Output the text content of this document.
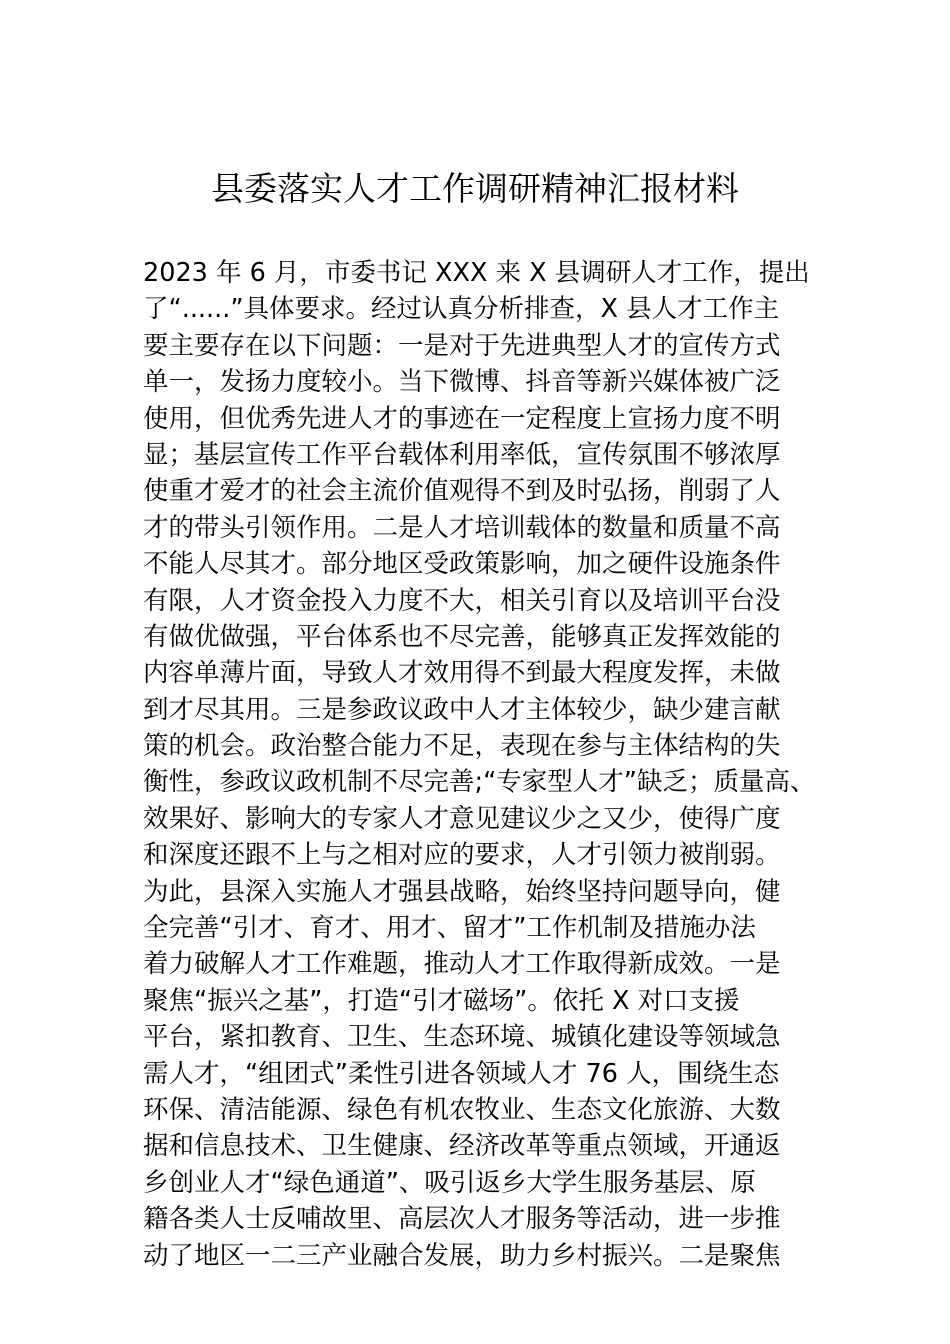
县委落实人才工作调研精神汇报材料
2023 年 6 月，市委书记 XXX 来 X 县调研人才工作，提出
了“......”具体要求。经过认真分析排查，X 县人才工作主
要主要存在以下问题：一是对于先进典型人才的宣传方式
单一，发扬力度较小。当下微博、抖音等新兴媒体被广泛
使用，但优秀先进人才的事迹在一定程度上宣扬力度不明
显；基层宣传工作平台载体利用率低，宣传氛围不够浓厚
使重才爱才的社会主流价值观得不到及时弘扬，削弱了人
才的带头引领作用。二是人才培训载体的数量和质量不高
不能人尽其才。部分地区受政策影响，加之硬件设施条件
有限，人才资金投入力度不大，相关引育以及培训平台没
有做优做强，平台体系也不尽完善，能够真正发挥效能的
内容单薄片面，导致人才效用得不到最大程度发挥，未做
到才尽其用。三是参政议政中人才主体较少，缺少建言献
策的机会。政治整合能力不足，表现在参与主体结构的失
衡性，参政议政机制不尽完善;“专家型人才”缺乏；质量高、
效果好、影响大的专家人才意见建议少之又少，使得广度
和深度还跟不上与之相对应的要求，人才引领力被削弱。
为此，县深入实施人才强县战略，始终坚持问题导向，健
全完善“引才、育才、用才、留才”工作机制及措施办法
着力破解人才工作难题，推动人才工作取得新成效。一是
聚焦“振兴之基”，打造“引才磁场”。依托 X 对口支援
平台，紧扣教育、卫生、生态环境、城镇化建设等领域急
需人才，“组团式”柔性引进各领域人才 76 人，围绕生态
环保、清洁能源、绿色有机农牧业、生态文化旅游、大数
据和信息技术、卫生健康、经济改革等重点领域，开通返
乡创业人才“绿色通道”、吸引返乡大学生服务基层、原
籍各类人士反哺故里、高层次人才服务等活动，进一步推
动了地区一二三产业融合发展，助力乡村振兴。二是聚焦
